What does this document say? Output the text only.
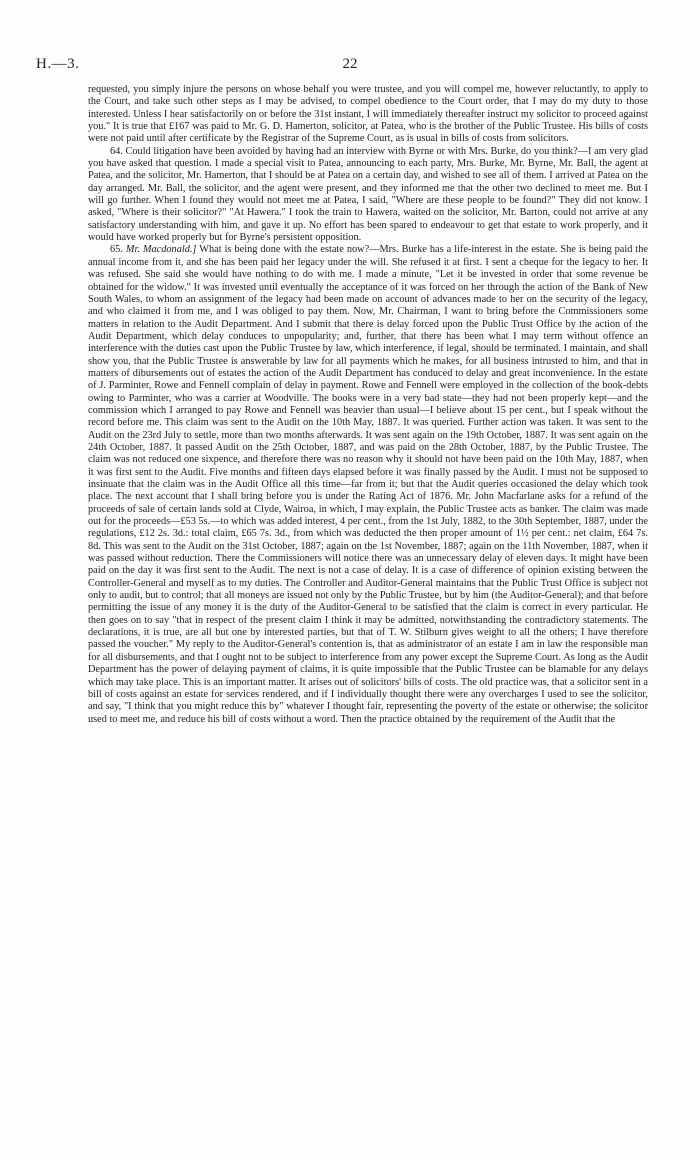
H.—3.	22

requested, you simply injure the persons on whose behalf you were trustee, and you will compel me, however reluctantly, to apply to the Court, and take such other steps as I may be advised, to compel obedience to the Court order, that I may do my duty to those interested. Unless I hear satisfactorily on or before the 31st instant, I will immediately thereafter instruct my solicitor to proceed against you." It is true that £167 was paid to Mr. G. D. Hamerton, solicitor, at Patea, who is the brother of the Public Trustee. His bills of costs were not paid until after certificate by the Registrar of the Supreme Court, as is usual in bills of costs from solicitors.

64. Could litigation have been avoided by having had an interview with Byrne or with Mrs. Burke, do you think?—I am very glad you have asked that question. I made a special visit to Patea, announcing to each party, Mrs. Burke, Mr. Byrne, Mr. Ball, the agent at Patea, and the solicitor, Mr. Hamerton, that I should be at Patea on a certain day, and wished to see all of them. I arrived at Patea on the day arranged. Mr. Ball, the solicitor, and the agent were present, and they informed me that the other two declined to meet me. But I will go further. When I found they would not meet me at Patea, I said, "Where are these people to be found?" They did not know. I asked, "Where is their solicitor?" "At Hawera." I took the train to Hawera, waited on the solicitor, Mr. Barton, could not arrive at any satisfactory understanding with him, and gave it up. No effort has been spared to endeavour to get that estate to work properly, and it would have worked properly but for Byrne's persistent opposition.

65. Mr. Macdonald.] What is being done with the estate now?—Mrs. Burke has a life-interest in the estate. She is being paid the annual income from it, and she has been paid her legacy under the will. She refused it at first. I sent a cheque for the legacy to her. It was refused. She said she would have nothing to do with me. I made a minute, "Let it be invested in order that some revenue be obtained for the widow." It was invested until eventually the acceptance of it was forced on her through the action of the Bank of New South Wales, to whom an assignment of the legacy had been made on account of advances made to her on the security of the legacy, and who claimed it from me, and I was obliged to pay them. Now, Mr. Chairman, I want to bring before the Commissioners some matters in relation to the Audit Department. And I submit that there is delay forced upon the Public Trust Office by the action of the Audit Department, which delay conduces to unpopularity; and, further, that there has been what I may term without offence an interference with the duties cast upon the Public Trustee by law, which interference, if legal, should be terminated. I maintain, and shall show you, that the Public Trustee is answerable by law for all payments which he makes, for all business intrusted to him, and that in matters of dibursements out of estates the action of the Audit Department has conduced to delay and great inconvenience. In the estate of J. Parminter, Rowe and Fennell complain of delay in payment. Rowe and Fennell were employed in the collection of the book-debts owing to Parminter, who was a carrier at Woodville. The books were in a very bad state—they had not been properly kept—and the commission which I arranged to pay Rowe and Fennell was heavier than usual—I believe about 15 per cent., but I speak without the record before me. This claim was sent to the Audit on the 10th May, 1887. It was queried. Further action was taken. It was sent to the Audit on the 23rd July to settle, more than two months afterwards. It was sent again on the 19th October, 1887. It was sent again on the 24th October, 1887. It passed Audit on the 25th October, 1887, and was paid on the 28th October, 1887, by the Public Trustee. The claim was not reduced one sixpence, and therefore there was no reason why it should not have been paid on the 10th May, 1887, when it was first sent to the Audit. Five months and fifteen days elapsed before it was finally passed by the Audit. I must not be supposed to insinuate that the claim was in the Audit Office all this time—far from it; but that the Audit queries occasioned the delay which took place. The next account that I shall bring before you is under the Rating Act of 1876. Mr. John Macfarlane asks for a refund of the proceeds of sale of certain lands sold at Clyde, Wairoa, in which, I may explain, the Public Trustee acts as banker. The claim was made out for the proceeds—£53 5s.—to which was added interest, 4 per cent., from the 1st July, 1882, to the 30th September, 1887, under the regulations, £12 2s. 3d.: total claim, £65 7s. 3d., from which was deducted the then proper amount of 1½ per cent.: net claim, £64 7s. 8d. This was sent to the Audit on the 31st October, 1887; again on the 1st November, 1887; again on the 11th November, 1887, when it was passed without reduction. There the Commissioners will notice there was an unnecessary delay of eleven days. It might have been paid on the day it was first sent to the Audit. The next is not a case of delay. It is a case of difference of opinion existing between the Controller-General and myself as to my duties. The Controller and Auditor-General maintains that the Public Trust Office is subject not only to audit, but to control; that all moneys are issued not only by the Public Trustee, but by him (the Auditor-General); and that before permitting the issue of any money it is the duty of the Auditor-General to be satisfied that the claim is correct in every particular. He then goes on to say "that in respect of the present claim I think it may be admitted, notwithstanding the contradictory statements. The declarations, it is true, are all but one by interested parties, but that of T. W. Stilburn gives weight to all the others; I have therefore passed the voucher." My reply to the Auditor-General's contention is, that as administrator of an estate I am in law the responsible man for all disbursements, and that I ought not to be subject to interference from any power except the Supreme Court. As long as the Audit Department has the power of delaying payment of claims, it is quite impossible that the Public Trustee can be blamable for any delays which may take place. This is an important matter. It arises out of solicitors' bills of costs. The old practice was, that a solicitor sent in a bill of costs against an estate for services rendered, and if I individually thought there were any overcharges I used to see the solicitor, and say, "I think that you might reduce this by" whatever I thought fair, representing the poverty of the estate or otherwise; the solicitor used to meet me, and reduce his bill of costs without a word. Then the practice obtained by the requirement of the Audit that the
